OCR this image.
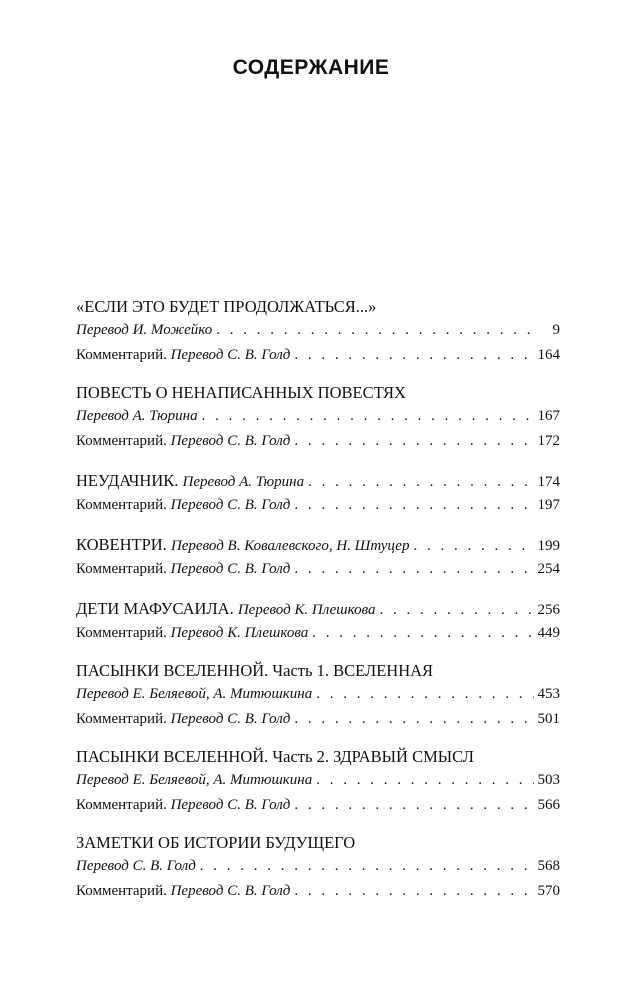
СОДЕРЖАНИЕ
«ЕСЛИ ЭТО БУДЕТ ПРОДОЛЖАТЬСЯ...»
Перевод И. Можейко . . .	9
Комментарий. Перевод С. В. Голд . . .	164
ПОВЕСТЬ О НЕНАПИСАННЫХ ПОВЕСТЯХ
Перевод А. Тюрина . . .	167
Комментарий. Перевод С. В. Голд . . .	172
НЕУДАЧНИК. Перевод А. Тюрина . . .	174
Комментарий. Перевод С. В. Голд . . .	197
КОВЕНТРИ. Перевод В. Ковалевского, Н. Штуцер . . .	199
Комментарий. Перевод С. В. Голд . . .	254
ДЕТИ МАФУСАИЛА. Перевод К. Плешкова . . .	256
Комментарий. Перевод К. Плешкова . . .	449
ПАСЫНКИ ВСЕЛЕННОЙ. Часть 1. ВСЕЛЕННАЯ
Перевод Е. Беляевой, А. Митюшкина . . .	453
Комментарий. Перевод С. В. Голд . . .	501
ПАСЫНКИ ВСЕЛЕННОЙ. Часть 2. ЗДРАВЫЙ СМЫСЛ
Перевод Е. Беляевой, А. Митюшкина . . .	503
Комментарий. Перевод С. В. Голд . . .	566
ЗАМЕТКИ ОБ ИСТОРИИ БУДУЩЕГО
Перевод С. В. Голд . . .	568
Комментарий. Перевод С. В. Голд . . .	570
